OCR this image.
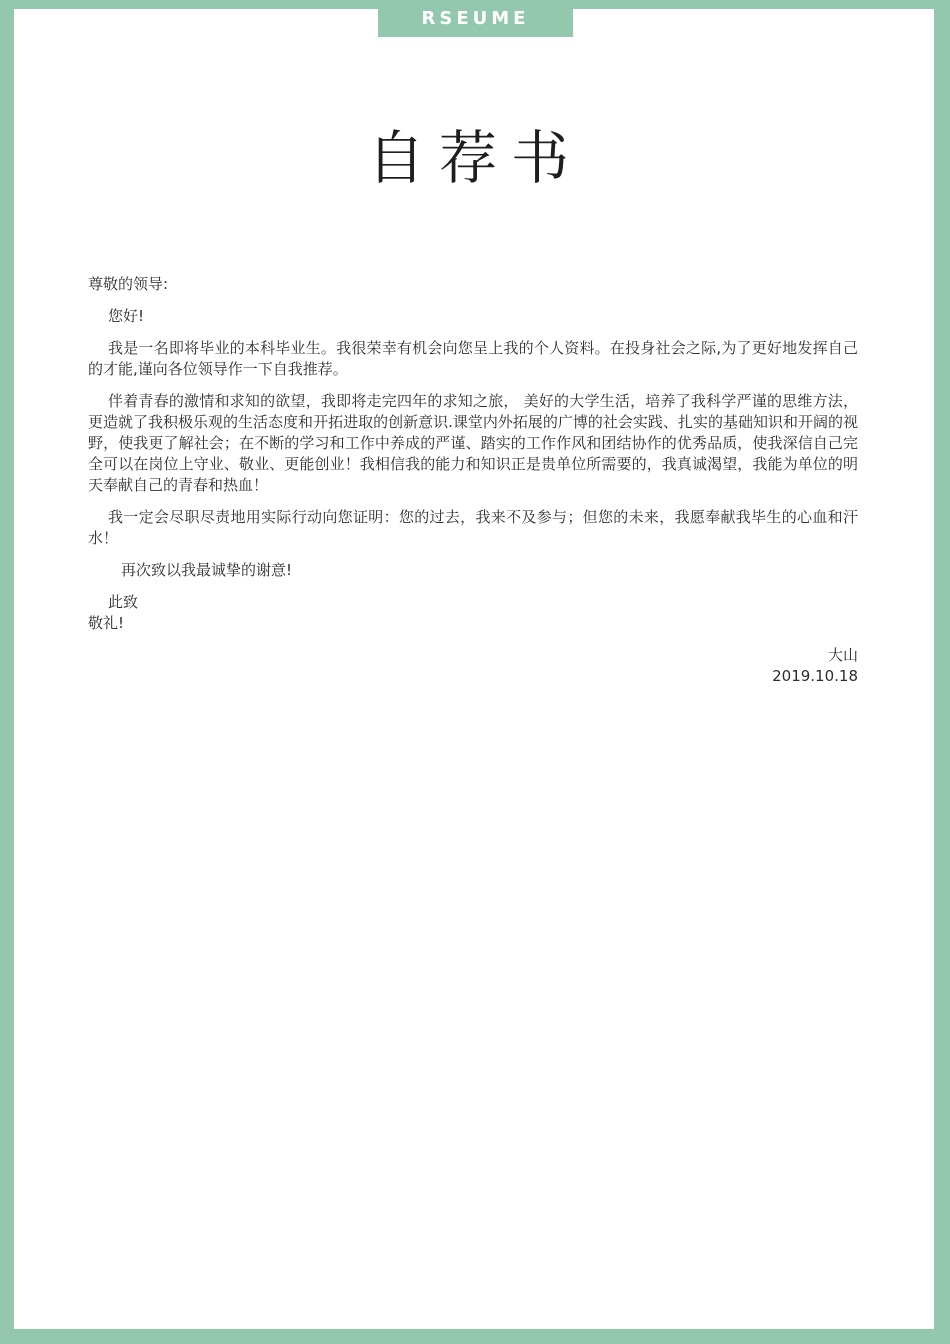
RSEUME
自荐书

尊敬的领导:

您好!

我是一名即将毕业的本科毕业生。我很荣幸有机会向您呈上我的个人资料。在投身社会之际,为了更好地发挥自己的才能,谨向各位领导作一下自我推荐。

伴着青春的激情和求知的欲望，我即将走完四年的求知之旅， 美好的大学生活，培养了我科学严谨的思维方法，更造就了我积极乐观的生活态度和开拓进取的创新意识.课堂内外拓展的广博的社会实践、扎实的基础知识和开阔的视野，使我更了解社会；在不断的学习和工作中养成的严谨、踏实的工作作风和团结协作的优秀品质，使我深信自己完全可以在岗位上守业、敬业、更能创业！我相信我的能力和知识正是贵单位所需要的，我真诚渴望，我能为单位的明天奉献自己的青春和热血！

我一定会尽职尽责地用实际行动向您证明：您的过去，我来不及参与；但您的未来，我愿奉献我毕生的心血和汗水！

再次致以我最诚挚的谢意!

此致

敬礼!

大山

2019.10.18
